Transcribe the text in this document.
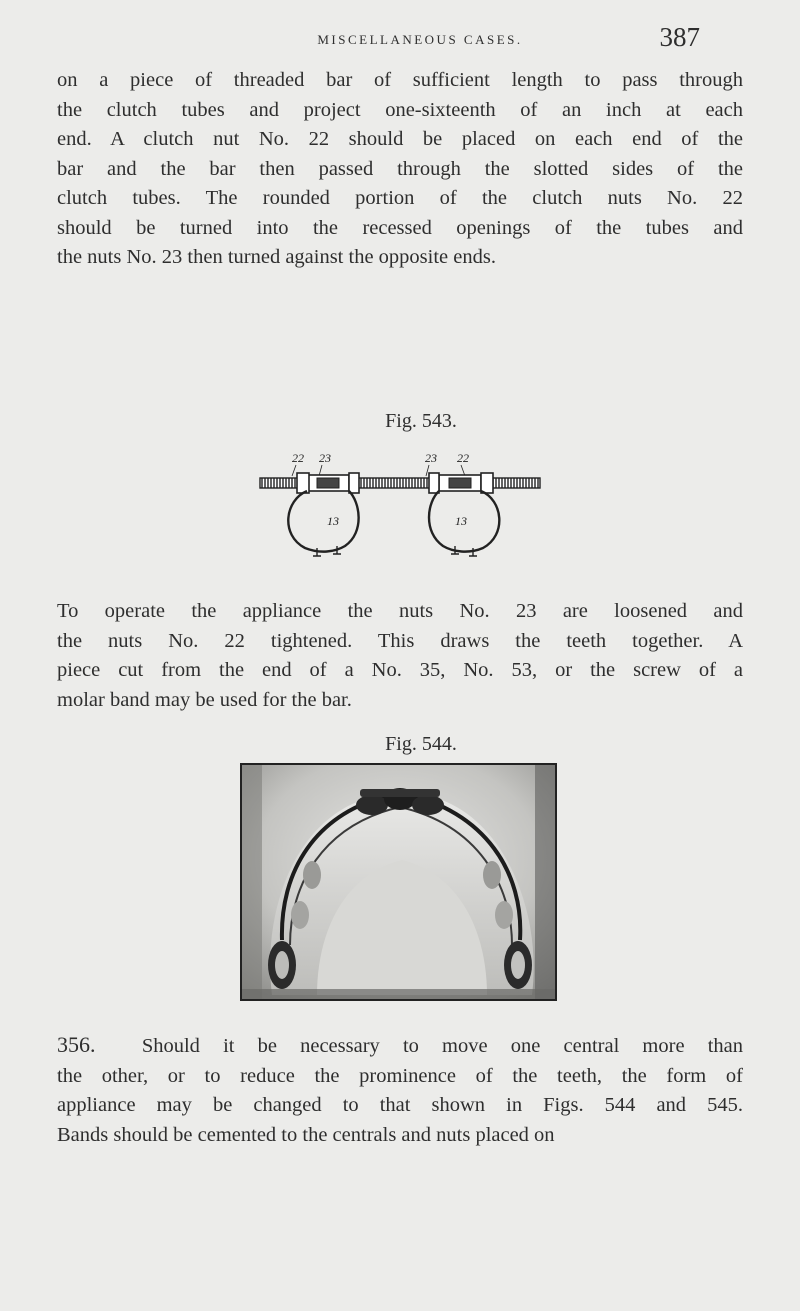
MISCELLANEOUS CASES.	387
on a piece of threaded bar of sufficient length to pass through
the clutch tubes and project one-sixteenth of an inch at each
end. A clutch nut No. 22 should be placed on each end of the
bar and the bar then passed through the slotted sides of the
clutch tubes. The rounded portion of the clutch nuts No. 22
should be turned into the recessed openings of the tubes and
the nuts No. 23 then turned against the opposite ends.
Fig. 543.
22 23	23 22
13	13
To operate the appliance the nuts No. 23 are loosened and
the nuts No. 22 tightened. This draws the teeth together. A
piece cut from the end of a No. 35, No. 53, or the screw of a
molar band may be used for the bar.
Fig. 544.
356. Should it be necessary to move one central more than
the other, or to reduce the prominence of the teeth, the form of
appliance may be changed to that shown in Figs. 544 and 545.
Bands should be cemented to the centrals and nuts placed on
